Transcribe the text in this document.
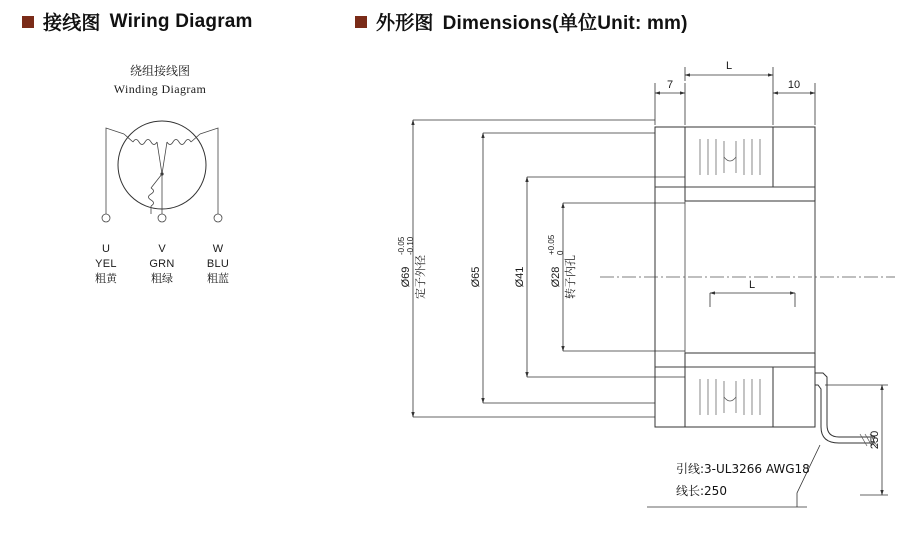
接线图 Wiring Diagram
绕组接线图
Winding Diagram
U
YEL
粗黄
V
GRN
粗绿
W
BLU
粗蓝
外形图 Dimensions(单位Unit: mm)
7
L
10
L
Ø69
-0.05 -0.10
定子外径	Ø65
Ø41
Ø28
+0.05 0
转子内孔
250
引线:3-UL3266 AWG18
线长:250
